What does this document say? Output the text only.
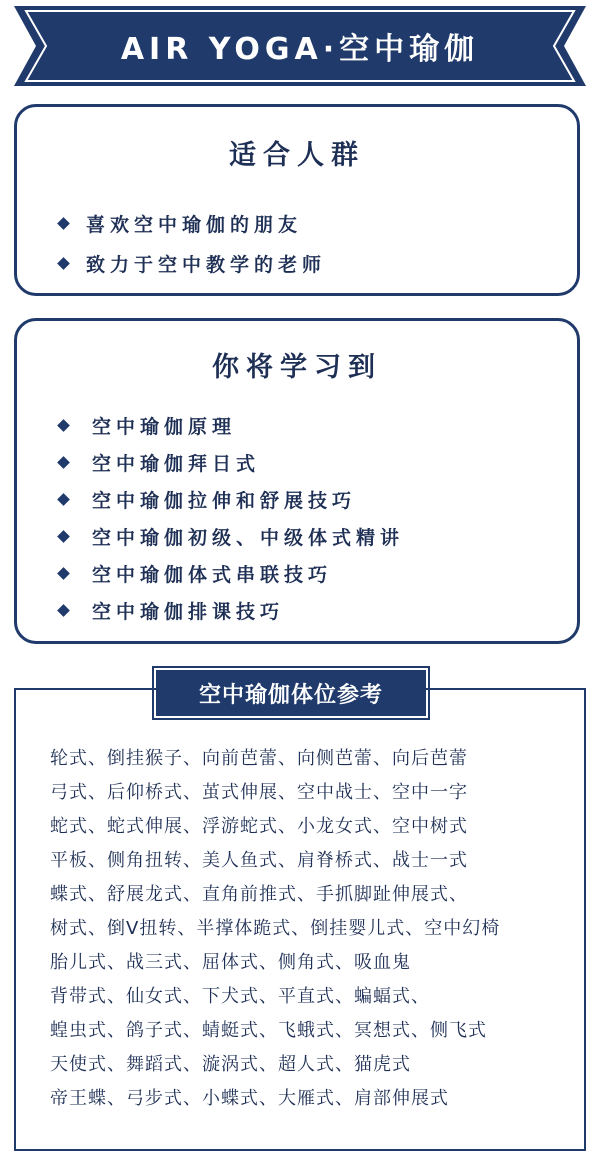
AIR YOGA·空中瑜伽
适合人群
喜欢空中瑜伽的朋友
致力于空中教学的老师
你将学习到
空中瑜伽原理
空中瑜伽拜日式
空中瑜伽拉伸和舒展技巧
空中瑜伽初级、中级体式精讲
空中瑜伽体式串联技巧
空中瑜伽排课技巧
空中瑜伽体位参考
轮式、倒挂猴子、向前芭蕾、向侧芭蕾、向后芭蕾
弓式、后仰桥式、茧式伸展、空中战士、空中一字
蛇式、蛇式伸展、浮游蛇式、小龙女式、空中树式
平板、侧角扭转、美人鱼式、肩脊桥式、战士一式
蝶式、舒展龙式、直角前推式、手抓脚趾伸展式、
树式、倒V扭转、半撑体跪式、倒挂婴儿式、空中幻椅
胎儿式、战三式、屈体式、侧角式、吸血鬼
背带式、仙女式、下犬式、平直式、蝙蝠式、
蝗虫式、鸽子式、蜻蜓式、飞蛾式、冥想式、侧飞式
天使式、舞蹈式、漩涡式、超人式、猫虎式
帝王蝶、弓步式、小蝶式、大雁式、肩部伸展式
